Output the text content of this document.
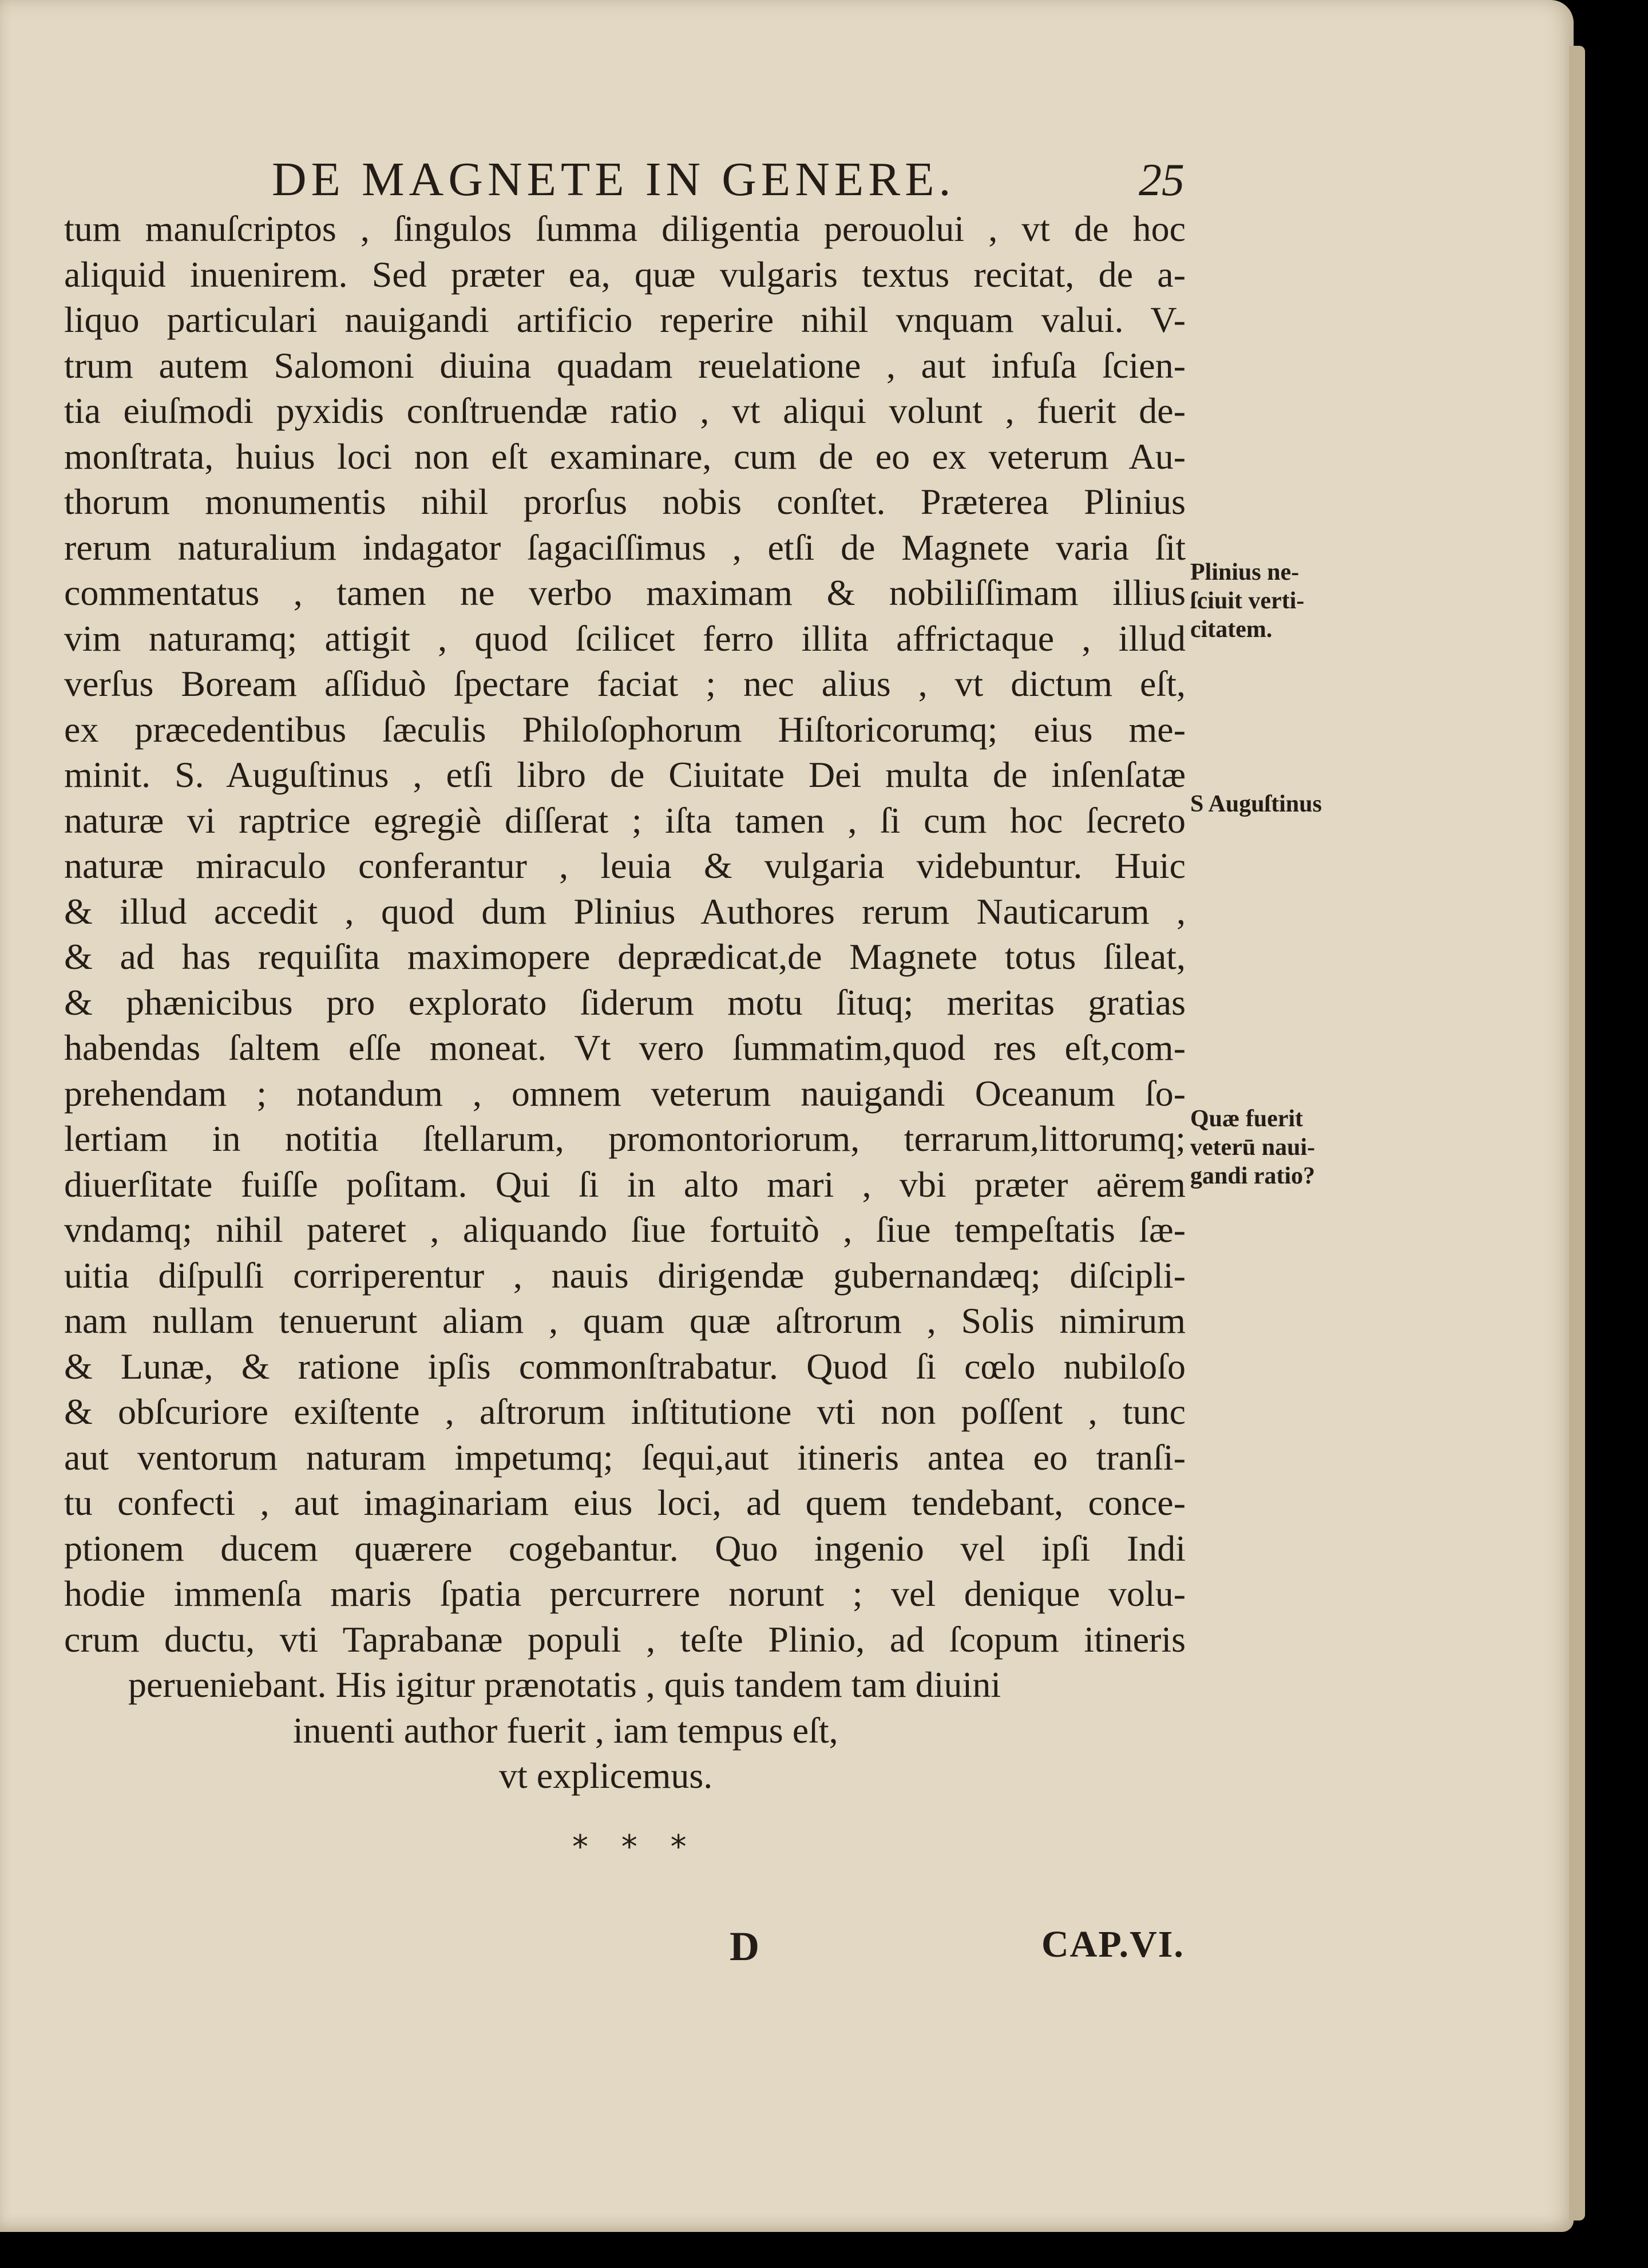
DE MAGNETE IN GENERE.	25
tum manuſcriptos , ſingulos ſumma diligentia perouolui , vt de hoc
aliquid inuenirem. Sed præter ea, quæ vulgaris textus recitat, de a-
liquo particulari nauigandi artificio reperire nihil vnquam valui. V-
trum autem Salomoni diuina quadam reuelatione , aut infuſa ſcien-
tia eiuſmodi pyxidis conſtruendæ ratio , vt aliqui volunt , fuerit de-
monſtrata, huius loci non eſt examinare, cum de eo ex veterum Au-
thorum monumentis nihil prorſus nobis conſtet. Præterea Plinius
rerum naturalium indagator ſagaciſſimus , etſi de Magnete varia ſit
commentatus , tamen ne verbo maximam & nobiliſſimam illius
vim naturamq; attigit , quod ſcilicet ferro illita affrictaque , illud
verſus Boream aſſiduò ſpectare faciat ; nec alius , vt dictum eſt,
ex præcedentibus ſæculis Philoſophorum Hiſtoricorumq; eius me-
minit. S. Auguſtinus , etſi libro de Ciuitate Dei multa de inſenſatæ
naturæ vi raptrice egregiè diſſerat ; iſta tamen , ſi cum hoc ſecreto
naturæ miraculo conferantur , leuia & vulgaria videbuntur. Huic
& illud accedit , quod dum Plinius Authores rerum Nauticarum ,
& ad has requiſita maximopere deprædicat,de Magnete totus ſileat,
& phænicibus pro explorato ſiderum motu ſituq; meritas gratias
habendas ſaltem eſſe moneat. Vt vero ſummatim,quod res eſt,com-
prehendam ; notandum , omnem veterum nauigandi Oceanum ſo-
lertiam in notitia ſtellarum, promontoriorum, terrarum,littorumq;
diuerſitate fuiſſe poſitam. Qui ſi in alto mari , vbi præter aërem
vndamq; nihil pateret , aliquando ſiue fortuitò , ſiue tempeſtatis ſæ-
uitia diſpulſi corriperentur , nauis dirigendæ gubernandæq; diſcipli-
nam nullam tenuerunt aliam , quam quæ aſtrorum , Solis nimirum
& Lunæ, & ratione ipſis commonſtrabatur. Quod ſi cœlo nubiloſo
& obſcuriore exiſtente , aſtrorum inſtitutione vti non poſſent , tunc
aut ventorum naturam impetumq; ſequi,aut itineris antea eo tranſi-
tu confecti , aut imaginariam eius loci, ad quem tendebant, conce-
ptionem ducem quærere cogebantur. Quo ingenio vel ipſi Indi
hodie immenſa maris ſpatia percurrere norunt ; vel denique volu-
crum ductu, vti Taprabanæ populi , teſte Plinio, ad ſcopum itineris
perueniebant. His igitur prænotatis , quis tandem tam diuini
inuenti author fuerit , iam tempus eſt,
vt explicemus.
* * *
Plinius ne-
ſciuit verti-
citatem.
S Auguſtinus
Quæ fuerit
veterū naui-
gandi ratio?
D	CAP.VI.
